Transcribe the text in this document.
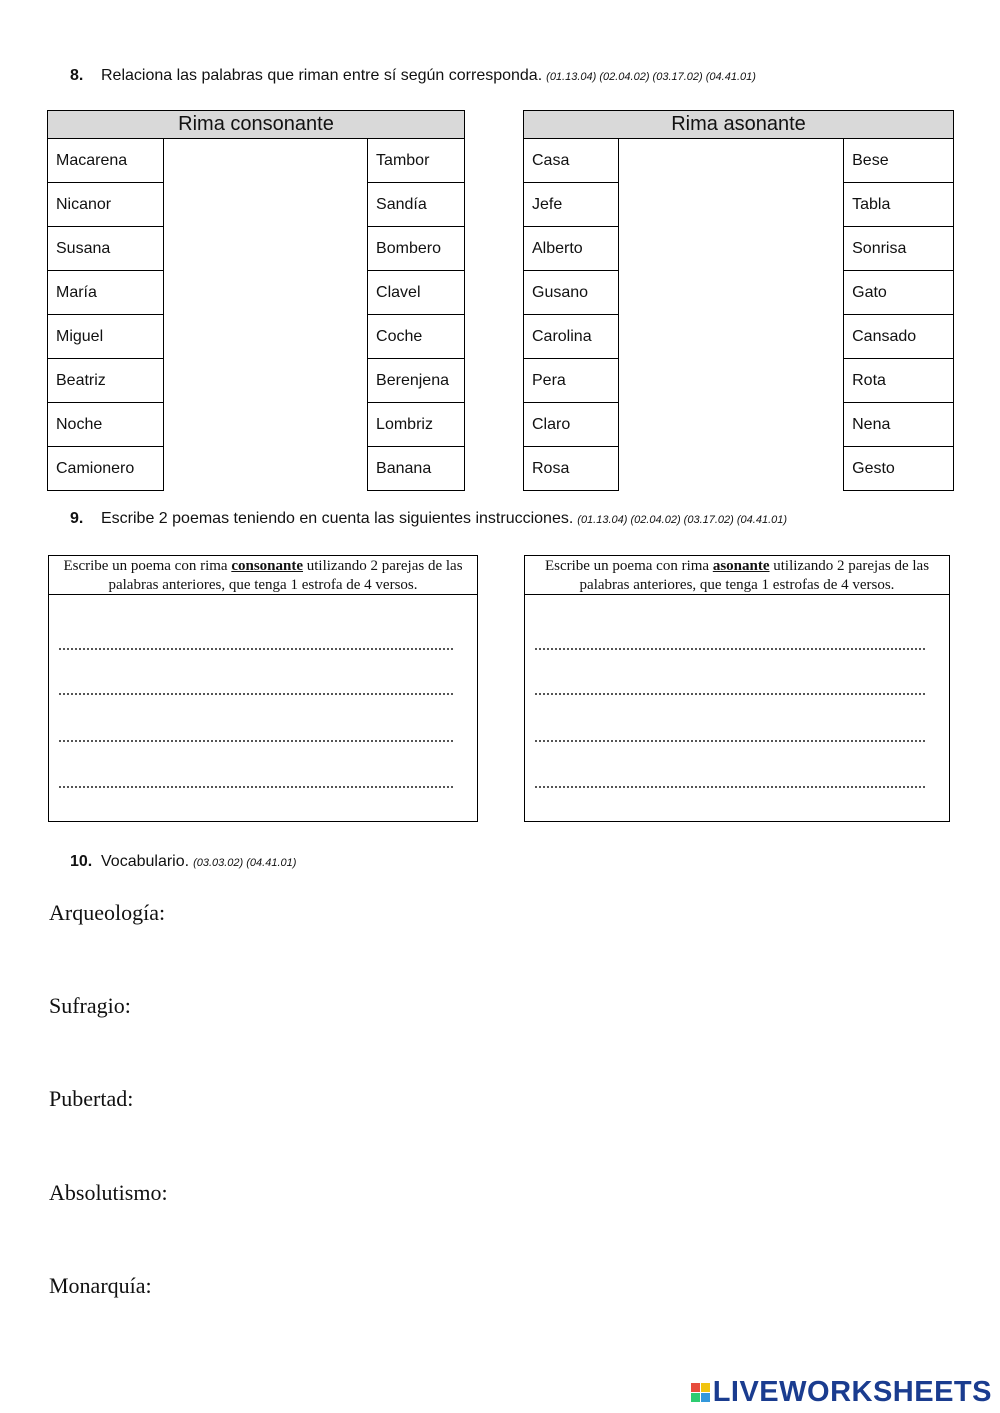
8. Relaciona las palabras que riman entre sí según corresponda. (01.13.04) (02.04.02) (03.17.02) (04.41.01)
Rima consonante		
Macarena		Tambor
Nicanor		Sandía
Susana		Bombero
María		Clavel
Miguel		Coche
Beatriz		Berenjena
Noche		Lombriz
Camionero		Banana
Rima asonante		
Casa		Bese
Jefe		Tabla
Alberto		Sonrisa
Gusano		Gato
Carolina		Cansado
Pera		Rota
Claro		Nena
Rosa		Gesto
9. Escribe 2 poemas teniendo en cuenta las siguientes instrucciones. (01.13.04) (02.04.02) (03.17.02) (04.41.01)
Escribe un poema con rima consonante utilizando 2 parejas de las palabras anteriores, que tenga 1 estrofa de 4 versos.
Escribe un poema con rima asonante utilizando 2 parejas de las palabras anteriores, que tenga 1 estrofas de 4 versos.
10. Vocabulario. (03.03.02) (04.41.01)
Arqueología:
Sufragio:
Pubertad:
Absolutismo:
Monarquía:
LIVEWORKSHEETS
